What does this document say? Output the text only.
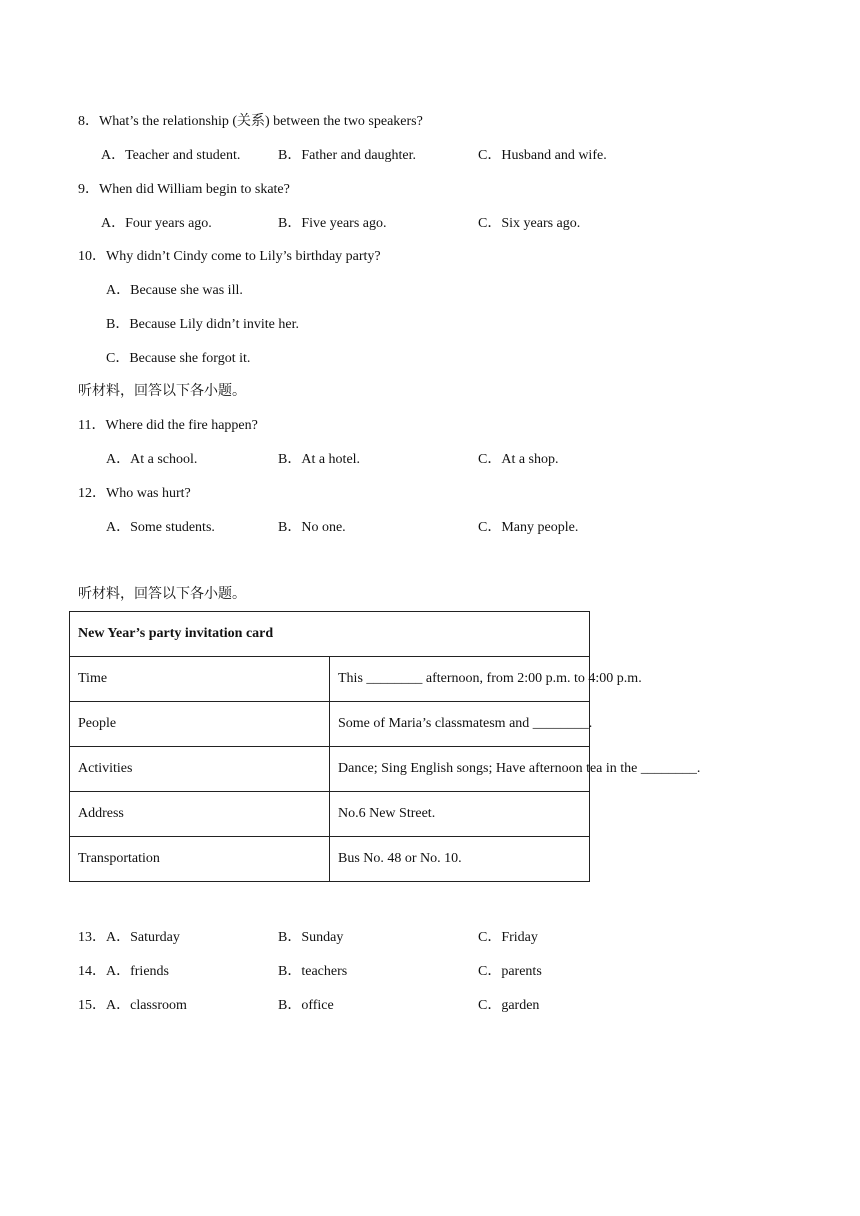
8．What’s the relationship (关系) between the two speakers?
A．Teacher and student.	B．Father and daughter.	C．Husband and wife.
9．When did William begin to skate?
A．Four years ago.	B．Five years ago.	C．Six years ago.
10．Why didn’t Cindy come to Lily’s birthday party?
A．Because she was ill.
B．Because Lily didn’t invite her.
C．Because she forgot it.
听材料，回答以下各小题。
11．Where did the fire happen?
A．At a school.	B．At a hotel.	C．At a shop.
12．Who was hurt?
A．Some students.	B．No one.	C．Many people.
听材料，回答以下各小题。
New Year’s party invitation card	
Time	This ________ afternoon, from 2:00 p.m. to 4:00 p.m.
People	Some of Maria’s classmatesm and ________.
Activities	Dance; Sing English songs; Have afternoon tea in the ________.
Address	No.6 New Street.
Transportation	Bus No. 48 or No. 10.
13．A．Saturday	B．Sunday	C．Friday
14．A．friends	B．teachers	C．parents
15．A．classroom	B．office	C．garden
